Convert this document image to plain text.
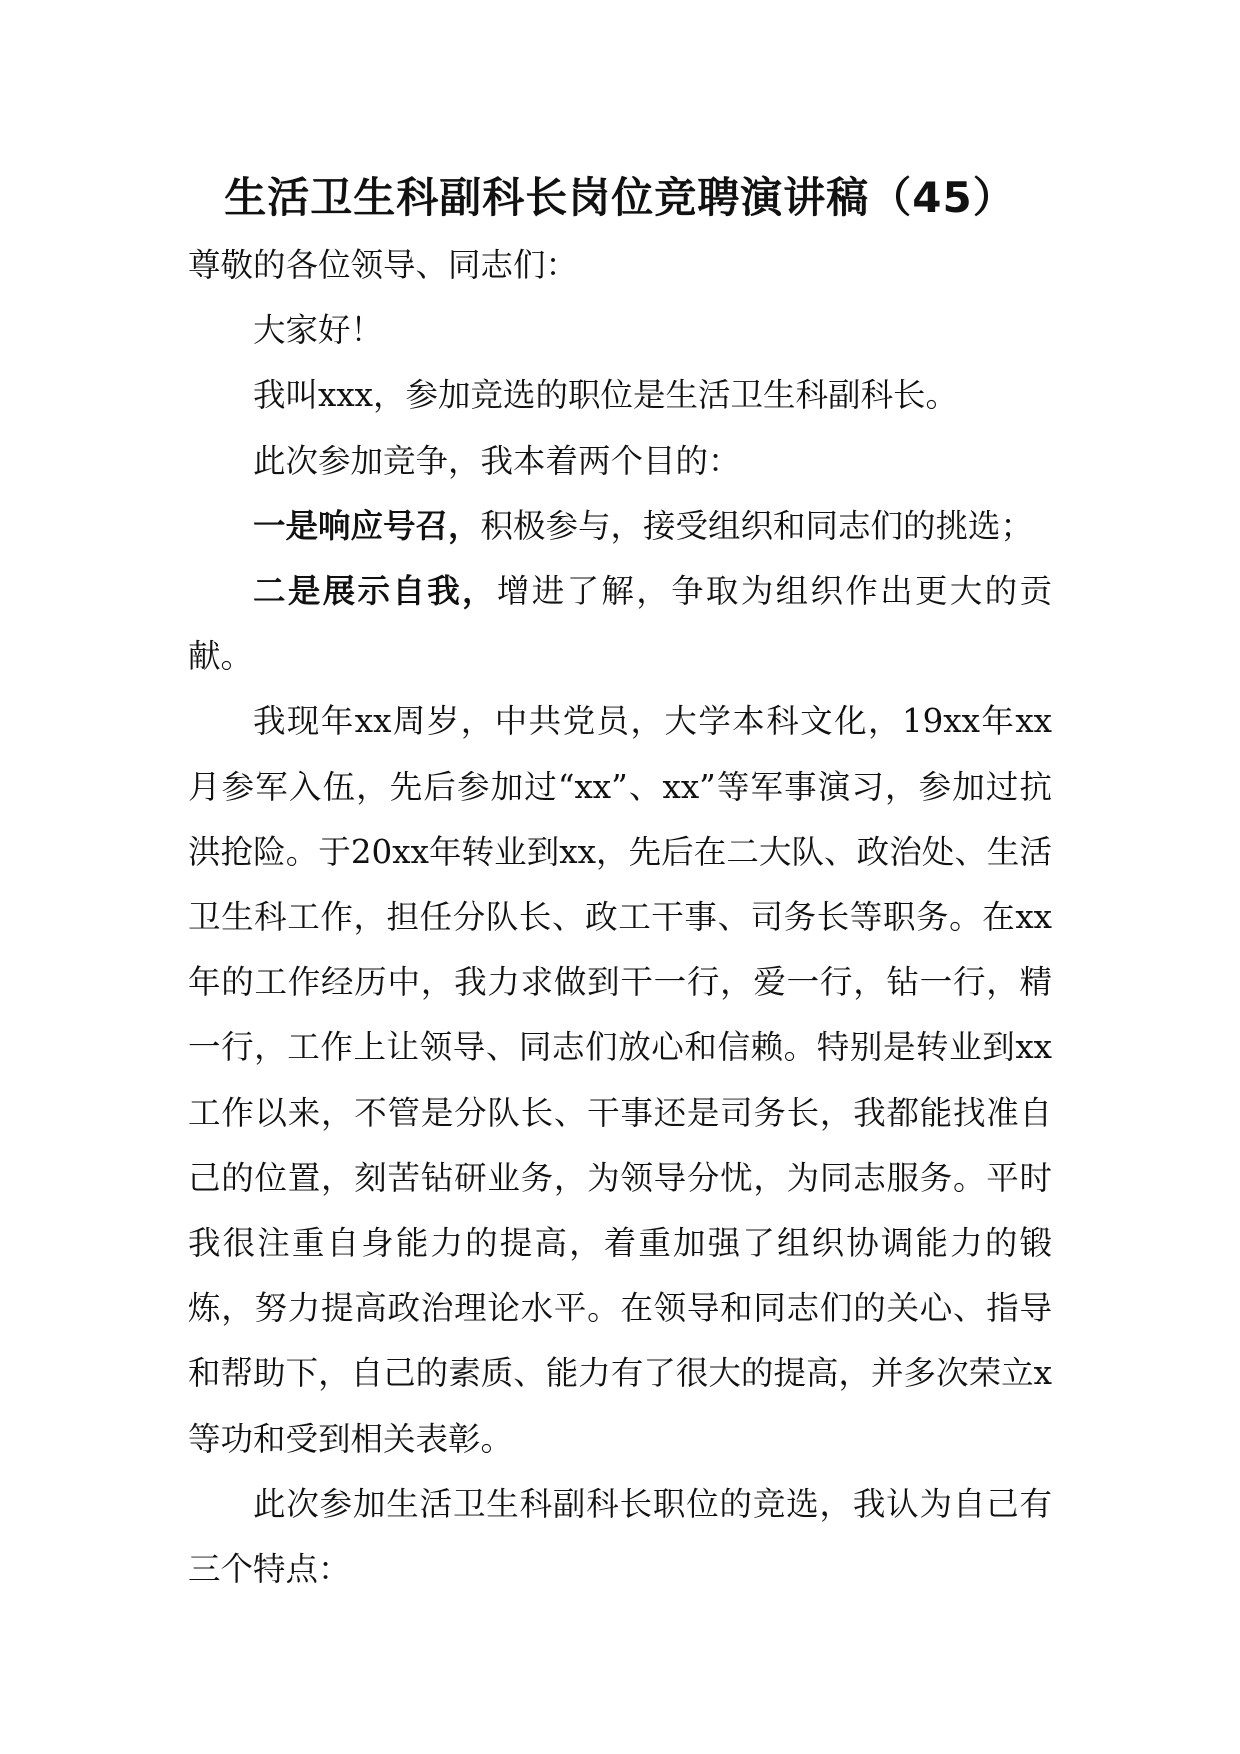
生活卫生科副科长岗位竞聘演讲稿（45）

尊敬的各位领导、同志们：

大家好！

我叫xxx，参加竞选的职位是生活卫生科副科长。

此次参加竞争，我本着两个目的：

一是响应号召，积极参与，接受组织和同志们的挑选；

二是展示自我，增进了解，争取为组织作出更大的贡献。

我现年xx周岁，中共党员，大学本科文化，19xx年xx月参军入伍，先后参加过“xx”、xx”等军事演习，参加过抗洪抢险。于20xx年转业到xx，先后在二大队、政治处、生活卫生科工作，担任分队长、政工干事、司务长等职务。在xx年的工作经历中，我力求做到干一行，爱一行，钻一行，精一行，工作上让领导、同志们放心和信赖。特别是转业到xx工作以来，不管是分队长、干事还是司务长，我都能找准自己的位置，刻苦钻研业务，为领导分忧，为同志服务。平时我很注重自身能力的提高，着重加强了组织协调能力的锻炼，努力提高政治理论水平。在领导和同志们的关心、指导和帮助下，自己的素质、能力有了很大的提高，并多次荣立x等功和受到相关表彰。

此次参加生活卫生科副科长职位的竞选，我认为自己有三个特点：
